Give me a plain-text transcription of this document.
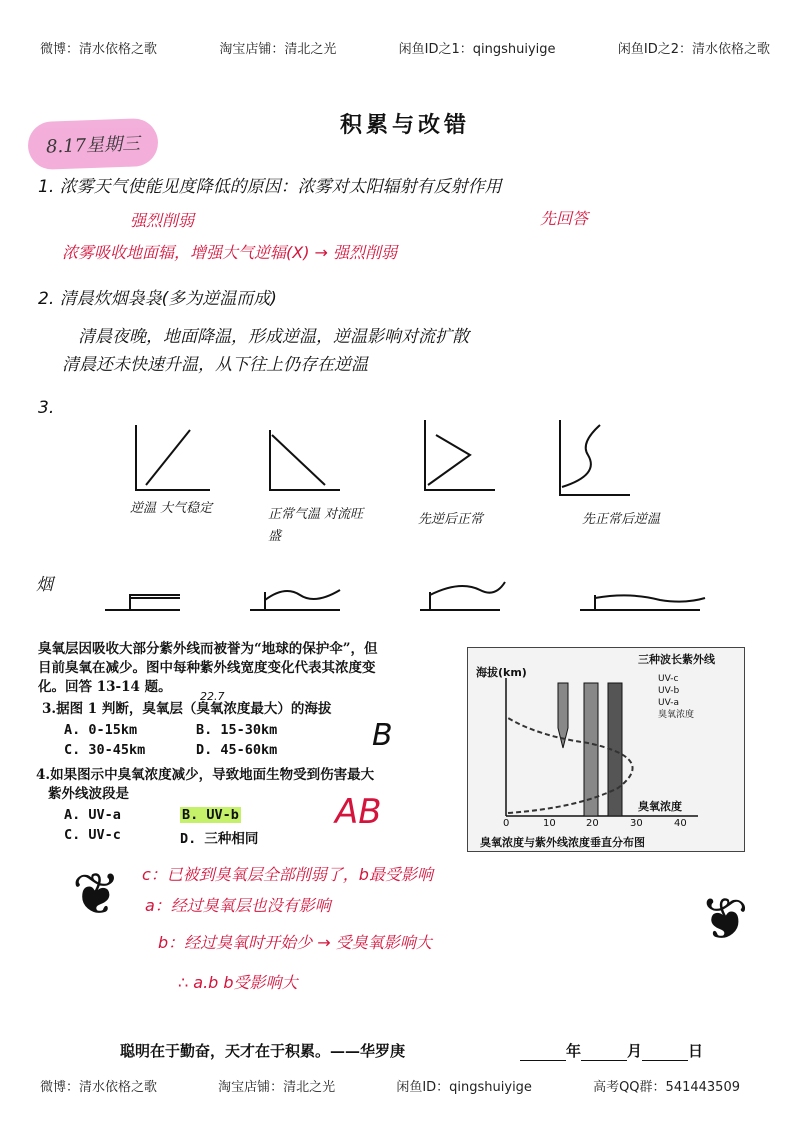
微博：清水依格之歌	淘宝店铺：清北之光	闲鱼ID之1：qingshuiyige	闲鱼ID之2：清水依格之歌
8.17星期三
积累与改错
1. 浓雾天气使能见度降低的原因：浓雾对太阳辐射有反射作用
强烈削弱	先回答
浓雾吸收地面辐，增强大气逆辐(X) → 强烈削弱
2. 清晨炊烟袅袅(多为逆温而成)
清晨夜晚，地面降温，形成逆温，逆温影响对流扩散
清晨还未快速升温，从下往上仍存在逆温
3.
逆温 大气稳定	正常气温 对流旺盛
先逆后正常	先正常后逆温
烟
臭氧层因吸收大部分紫外线而被誉为“地球的保护伞”，但
目前臭氧在减少。图中每种紫外线宽度变化代表其浓度变
化。回答 13-14 题。
3.据图 1 判断，臭氧层（臭氧浓度最大）的海拔
22.7
A. 0-15km	B. 15-30km
C. 30-45km	D. 45-60km	B
4.如果图示中臭氧浓度减少，导致地面生物受到伤害最大
紫外线波段是
A. UV-a	B. UV-b
C. UV-c	D. 三种相同
AB
三种波长紫外线
海拔(km)	UV-c
UV-b
UV-a
臭氧浓度
臭氧浓度
0	10	20	30	40
臭氧浓度与紫外线浓度垂直分布图
❦	❦
c：已被到臭氧层全部削弱了，b最受影响
a：经过臭氧层也没有影响
b：经过臭氧时开始少 → 受臭氧影响大
∴ a.b b受影响大
聪明在于勤奋，天才在于积累。——华罗庚	年	月	日
微博：清水依格之歌	淘宝店铺：清北之光	闲鱼ID：qingshuiyige	高考QQ群：541443509
